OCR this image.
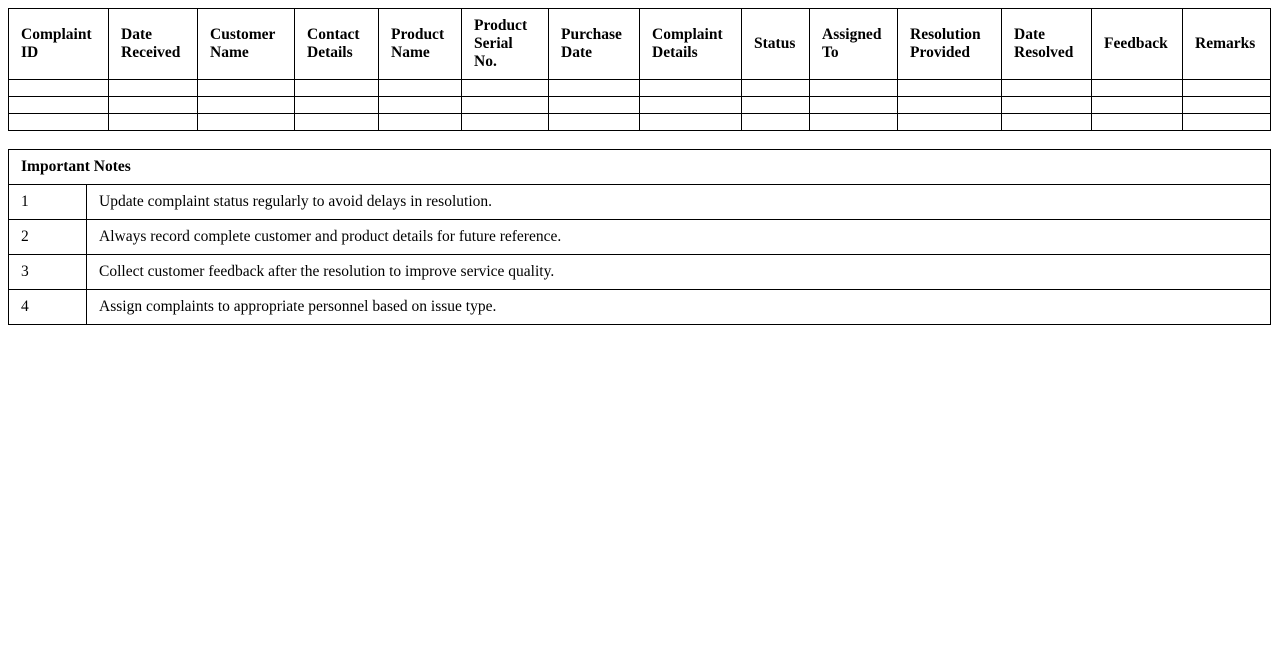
Complaint ID	Date Received	Customer Name	Contact Details	Product Name	Product Serial No.	Purchase Date	Complaint Details	Status	Assigned To	Resolution Provided	Date Resolved	Feedback	Remarks

Important Notes	
1	Update complaint status regularly to avoid delays in resolution.
2	Always record complete customer and product details for future reference.
3	Collect customer feedback after the resolution to improve service quality.
4	Assign complaints to appropriate personnel based on issue type.
